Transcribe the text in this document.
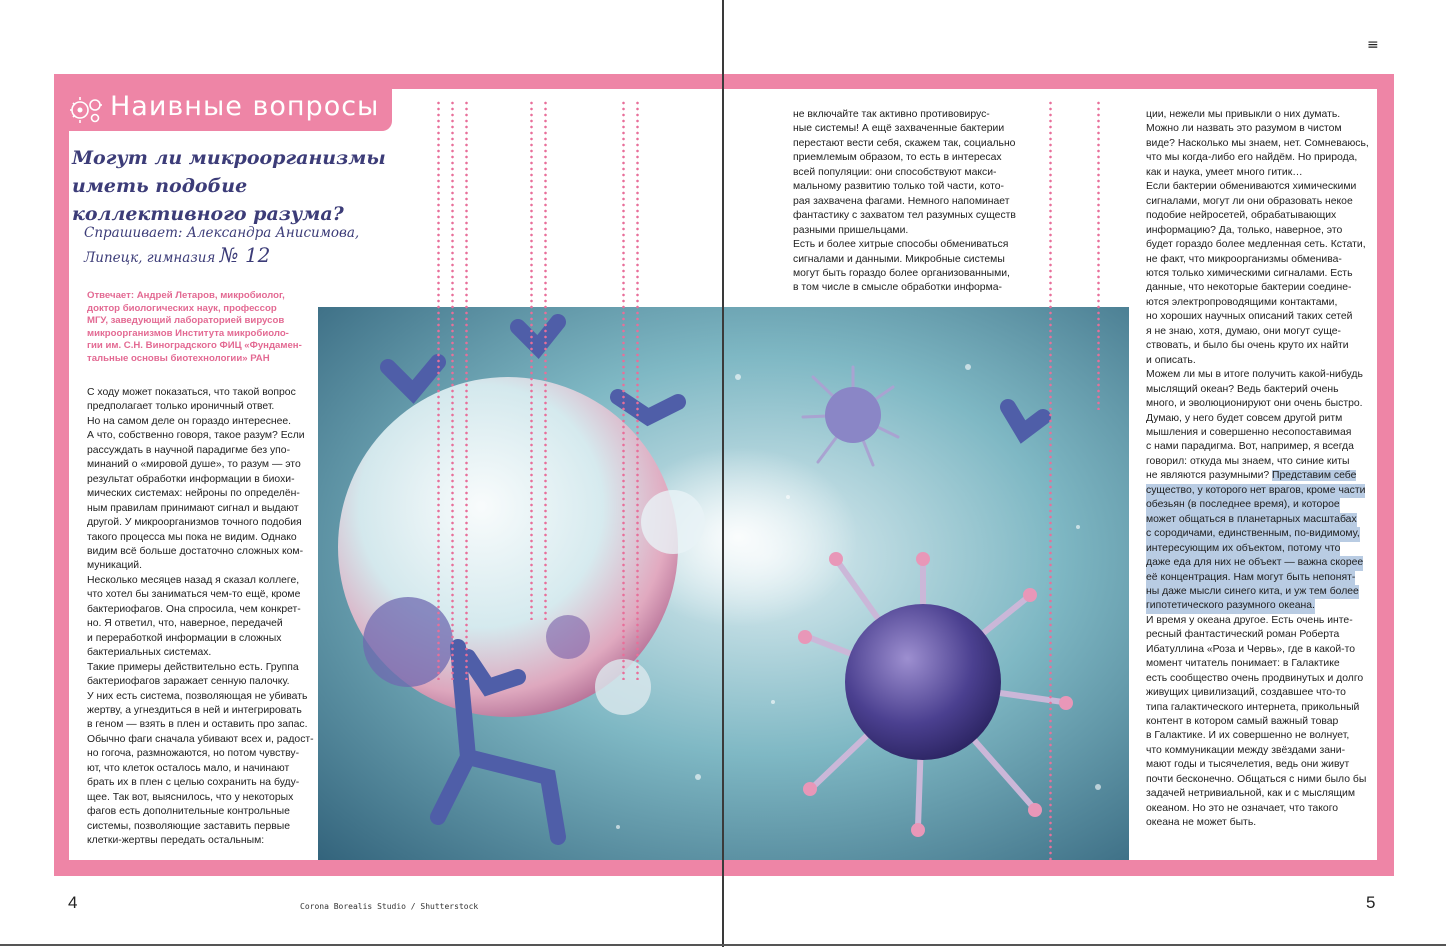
≡
Наивные вопросы
Могут ли микроорганизмы иметь подобие коллективного разума?
Спрашивает: Александра Анисимова,
Липецк, гимназия № 12
Отвечает: Андрей Летаров, микробиолог,
доктор биологических наук, профессор
МГУ, заведующий лабораторией вирусов
микроорганизмов Института микробиоло-
гии им. С.Н. Виноградского ФИЦ «Фундамен-
тальные основы биотехнологии» РАН
С ходу может показаться, что такой вопрос
предполагает только ироничный ответ.
Но на самом деле он гораздо интереснее.
А что, собственно говоря, такое разум? Если
рассуждать в научной парадигме без упо-
минаний о «мировой душе», то разум — это
результат обработки информации в биохи-
мических системах: нейроны по определён-
ным правилам принимают сигнал и выдают
другой. У микроорганизмов точного подобия
такого процесса мы пока не видим. Однако
видим всё больше достаточно сложных ком-
муникаций.
Несколько месяцев назад я сказал коллеге,
что хотел бы заниматься чем-то ещё, кроме
бактериофагов. Она спросила, чем конкрет-
но. Я ответил, что, наверное, передачей
и переработкой информации в сложных
бактериальных системах.
Такие примеры действительно есть. Группа
бактериофагов заражает сенную палочку.
У них есть система, позволяющая не убивать
жертву, а угнездиться в ней и интегрировать
в геном — взять в плен и оставить про запас.
Обычно фаги сначала убивают всех и, радост-
но гогоча, размножаются, но потом чувству-
ют, что клеток осталось мало, и начинают
брать их в плен с целью сохранить на буду-
щее. Так вот, выяснилось, что у некоторых
фагов есть дополнительные контрольные
системы, позволяющие заставить первые
клетки-жертвы передать остальным:
не включайте так активно противовирус-
ные системы! А ещё захваченные бактерии
перестают вести себя, скажем так, социально
приемлемым образом, то есть в интересах
всей популяции: они способствуют макси-
мальному развитию только той части, кото-
рая захвачена фагами. Немного напоминает
фантастику с захватом тел разумных существ
разными пришельцами.
Есть и более хитрые способы обмениваться
сигналами и данными. Микробные системы
могут быть гораздо более организованными,
в том числе в смысле обработки информа-
ции, нежели мы привыкли о них думать.
Можно ли назвать это разумом в чистом
виде? Насколько мы знаем, нет. Сомневаюсь,
что мы когда-либо его найдём. Но природа,
как и наука, умеет много гитик…
Если бактерии обмениваются химическими
сигналами, могут ли они образовать некое
подобие нейросетей, обрабатывающих
информацию? Да, только, наверное, это
будет гораздо более медленная сеть. Кстати,
не факт, что микроорганизмы обменива-
ются только химическими сигналами. Есть
данные, что некоторые бактерии соедине-
ются электропроводящими контактами,
но хороших научных описаний таких сетей
я не знаю, хотя, думаю, они могут суще-
ствовать, и было бы очень круто их найти
и описать.
Можем ли мы в итоге получить какой-нибудь
мыслящий океан? Ведь бактерий очень
много, и эволюционируют они очень быстро.
Думаю, у него будет совсем другой ритм
мышления и совершенно несопоставимая
с нами парадигма. Вот, например, я всегда
говорил: откуда мы знаем, что синие киты
не являются разумными? Представим себе
существо, у которого нет врагов, кроме части
обезьян (в последнее время), и которое
может общаться в планетарных масштабах
с сородичами, единственным, по-видимому,
интересующим их объектом, потому что
даже еда для них не объект — важна скорее
её концентрация. Нам могут быть непонят-
ны даже мысли синего кита, и уж тем более
гипотетического разумного океана.
И время у океана другое. Есть очень инте-
ресный фантастический роман Роберта
Ибатуллина «Роза и Червь», где в какой-то
момент читатель понимает: в Галактике
есть сообщество очень продвинутых и долго
живущих цивилизаций, создавшее что-то
типа галактического интернета, прикольный
контент в котором самый важный товар
в Галактике. И их совершенно не волнует,
что коммуникации между звёздами зани-
мают годы и тысячелетия, ведь они живут
почти бесконечно. Общаться с ними было бы
задачей нетривиальной, как и с мыслящим
океаном. Но это не означает, что такого
океана не может быть.
4	Corona Borealis Studio / Shutterstock	5
